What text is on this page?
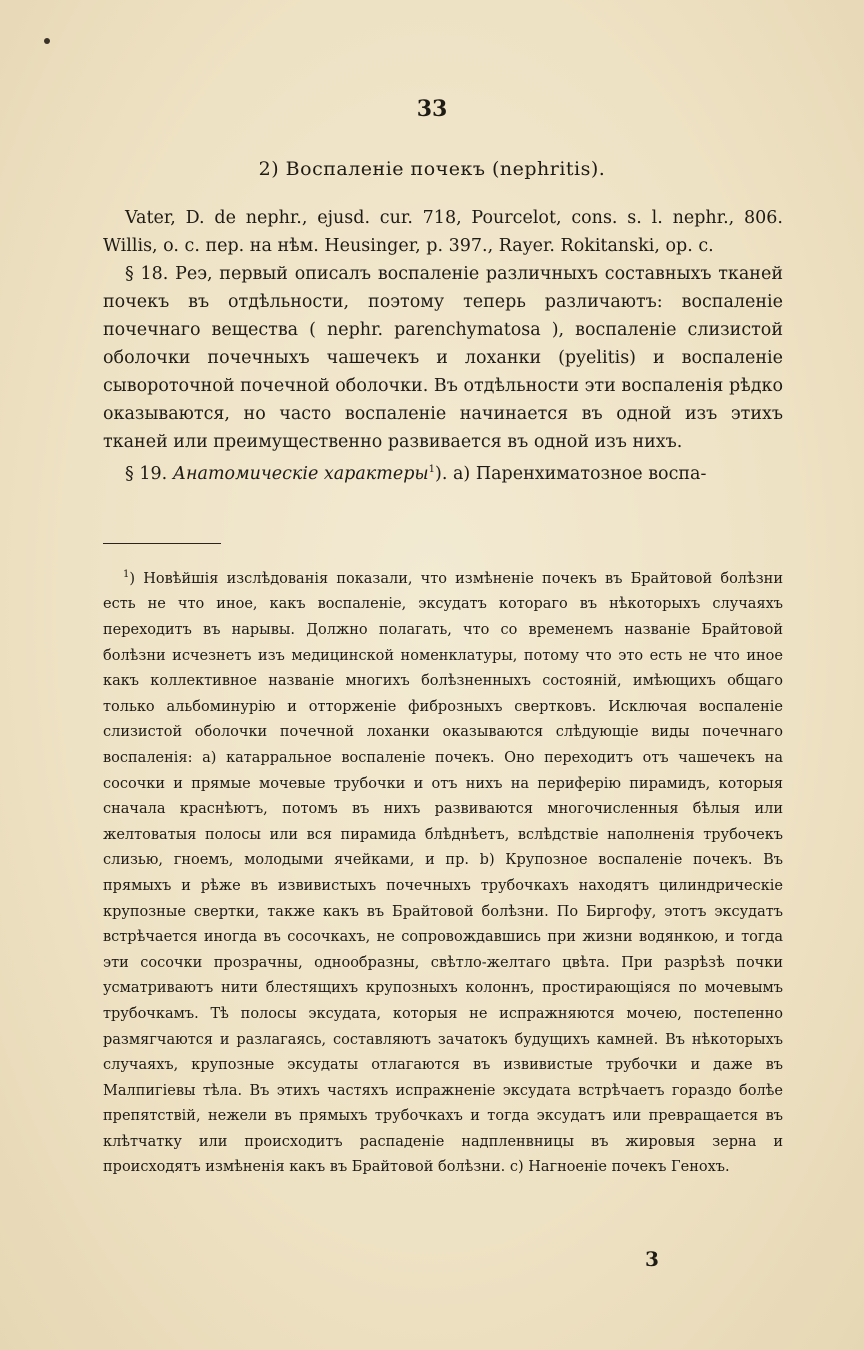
33
2) Воспаленіе почекъ (nephritis).

Vater, D. de nephr., ejusd. cur. 718, Pourcelot, cons. s. l. nephr., 806. Willis, o. c. пер. на нѣм. Heusinger, p. 397., Rayer. Rokitanski, op. c.

§ 18. Реэ, первый описалъ воспаленіе различныхъ составныхъ тканей почекъ въ отдѣльности, поэтому теперь различаютъ: воспаленіе почечнаго вещества ( nephr. parenchymatosa ), воспаленіе слизистой оболочки почечныхъ чашечекъ и лоханки (pyelitis) и воспаленіе сывороточной почечной оболочки. Въ отдѣльности эти воспаленія рѣдко оказываются, но часто воспаленіе начинается въ одной изъ этихъ тканей или преимущественно развивается въ одной изъ нихъ.

§ 19. Анатомическіе характеры$^1$). a) Паренхиматозное воспа-

$^1$) Новѣйшія изслѣдованія показали, что измѣненіе почекъ въ Брайтовой болѣзни есть не что иное, какъ воспаленіе, эксудатъ котораго въ нѣкоторыхъ случаяхъ переходитъ въ нарывы. Должно полагать, что со временемъ названіе Брайтовой болѣзни исчезнетъ изъ медицинской номенклатуры, потому что это есть не что иное какъ коллективное названіе многихъ болѣзненныхъ состояній, имѣющихъ общаго только альбоминурію и отторженіе фиброзныхъ свертковъ. Исключая воспаленіе слизистой оболочки почечной лоханки оказываются слѣдующіе виды почечнаго воспаленія: a) катарральное воспаленіе почекъ. Оно переходитъ отъ чашечекъ на сосочки и прямые мочевые трубочки и отъ нихъ на периферію пирамидъ, которыя сначала краснѣютъ, потомъ въ нихъ развиваются многочисленныя бѣлыя или желтоватыя полосы или вся пирамида блѣднѣетъ, вслѣдствіе наполненія трубочекъ слизью, гноемъ, молодыми ячейками, и пр. b) Крупозное воспаленіе почекъ. Въ прямыхъ и рѣже въ извивистыхъ почечныхъ трубочкахъ находятъ цилиндрическіе крупозные свертки, также какъ въ Брайтовой болѣзни. По Биргофу, этотъ эксудатъ встрѣчается иногда въ сосочкахъ, не сопровождавшись при жизни водянкою, и тогда эти сосочки прозрачны, однообразны, свѣтло-желтаго цвѣта. При разрѣзѣ почки усматриваютъ нити блестящихъ крупозныхъ колоннъ, простирающіяся по мочевымъ трубочкамъ. Тѣ полосы эксудата, которыя не испражняются мочею, постепенно размягчаются и разлагаясь, составляютъ зачатокъ будущихъ камней. Въ нѣкоторыхъ случаяхъ, крупозные эксудаты отлагаются въ извивистые трубочки и даже въ Малпигіевы тѣла. Въ этихъ частяхъ испражненіе эксудата встрѣчаетъ гораздо болѣе препятствій, нежели въ прямыхъ трубочкахъ и тогда эксудатъ или превращается въ клѣтчатку или происходитъ распаденіе надпленвницы въ жировыя зерна и происходятъ измѣненія какъ въ Брайтовой болѣзни. c) Нагноеніе почекъ Генохъ.

3
